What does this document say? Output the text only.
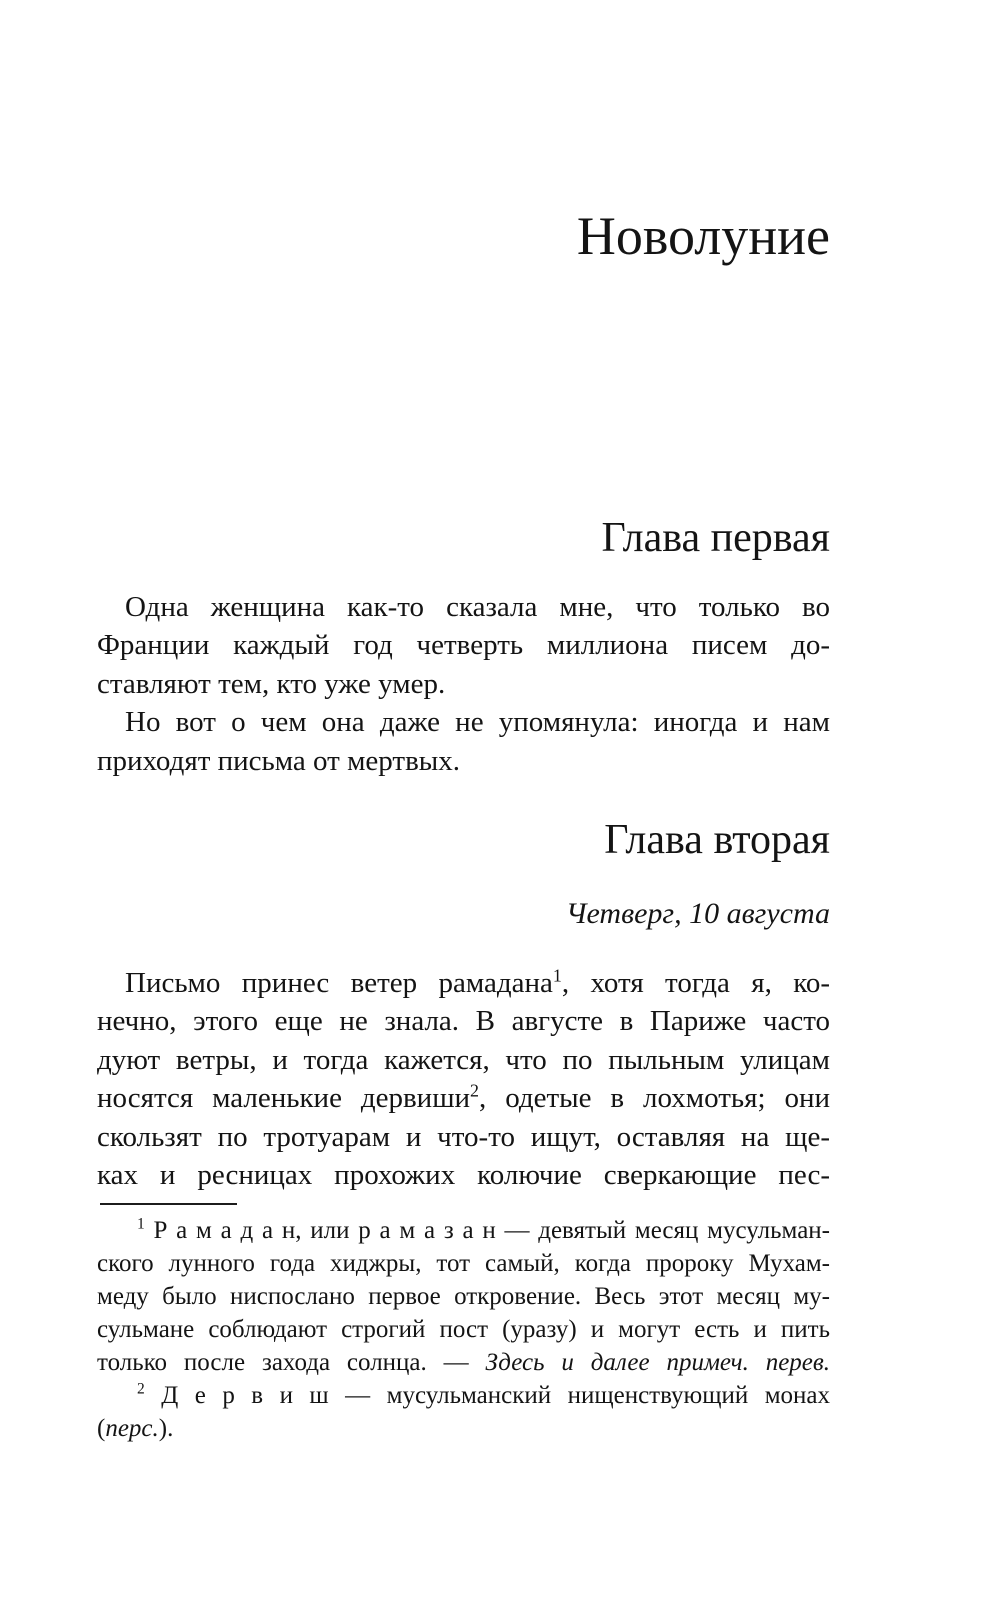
Новолуние
Глава первая
Одна женщина как-то сказала мне, что только во
Франции каждый год четверть миллиона писем до-
ставляют тем, кто уже умер.
Но вот о чем она даже не упомянула: иногда и нам
приходят письма от мертвых.
Глава вторая
Четверг, 10 августа
Письмо принес ветер рамадана$^1$, хотя тогда я, ко-
нечно, этого еще не знала. В августе в Париже часто
дуют ветры, и тогда кажется, что по пыльным улицам
носятся маленькие дервиши$^2$, одетые в лохмотья; они
скользят по тротуарам и что-то ищут, оставляя на ще-
ках и ресницах прохожих колючие сверкающие пес-
$^1$ Р а м а д а н, или р а м а з а н — девятый месяц мусульман-
ского лунного года хиджры, тот самый, когда пророку Мухам-
меду было ниспослано первое откровение. Весь этот месяц му-
сульмане соблюдают строгий пост (уразу) и могут есть и пить
только после захода солнца. — Здесь и далее примеч. перев.
$^2$ Д е р в и ш — мусульманский нищенствующий монах
(перс.).
